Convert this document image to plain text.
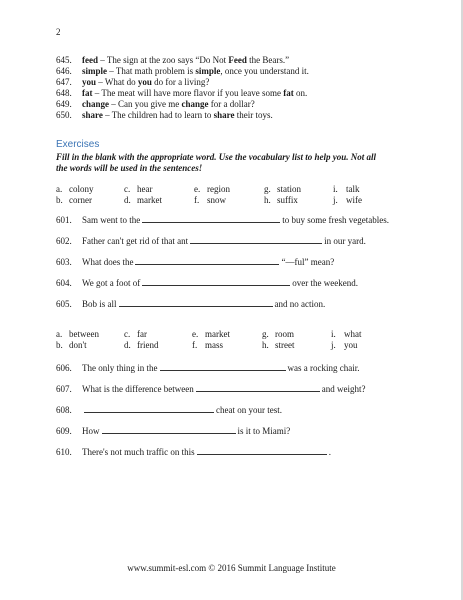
2
645. feed – The sign at the zoo says “Do Not Feed the Bears.”
646. simple – That math problem is simple, once you understand it.
647. you – What do you do for a living?
648. fat – The meat will have more flavor if you leave some fat on.
649. change – Can you give me change for a dollar?
650. share – The children had to learn to share their toys.
Exercises
Fill in the blank with the appropriate word. Use the vocabulary list to help you. Not all
the words will be used in the sentences!
a. colony	c. hear	e. region	g. station	i. talk
b. corner	d. market	f. snow	h. suffix	j. wife
601. Sam went to the	to buy some fresh vegetables.
602. Father can't get rid of that ant	in our yard.
603. What does the	“—ful” mean?
604. We got a foot of	over the weekend.
605. Bob is all	and no action.
a. between	c. far	e. market	g. room	i. what
b. don't	d. friend	f. mass	h. street	j. you
606. The only thing in the	was a rocking chair.
607. What is the difference between	and weight?
608.	cheat on your test.
609. How	is it to Miami?
610. There's not much traffic on this	.
www.summit-esl.com © 2016 Summit Language Institute
